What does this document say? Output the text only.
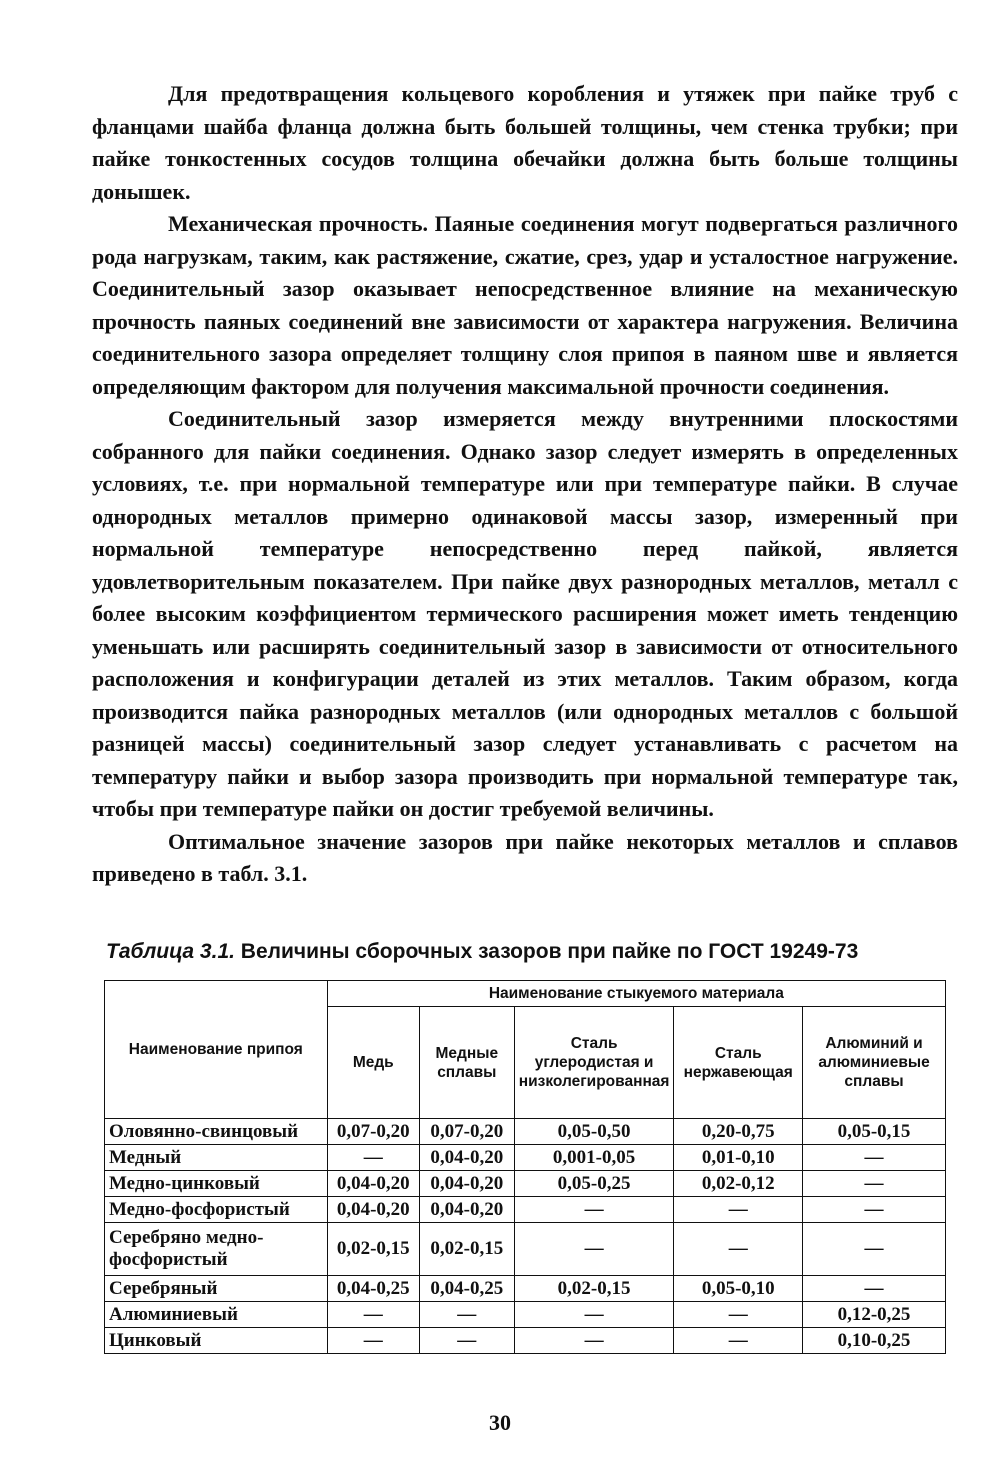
Для предотвращения кольцевого коробления и утяжек при пайке труб с фланцами шайба фланца должна быть большей толщины, чем стенка трубки; при пайке тонкостенных сосудов толщина обечайки должна быть больше толщины донышек.

Механическая прочность. Паяные соединения могут подвергаться различного рода нагрузкам, таким, как растяжение, сжатие, срез, удар и усталостное нагружение. Соединительный зазор оказывает непосредственное влияние на механическую прочность паяных соединений вне зависимости от характера нагружения. Величина соединительного зазора определяет толщину слоя припоя в паяном шве и является определяющим фактором для получения максимальной прочности соединения.

Соединительный зазор измеряется между внутренними плоскостями собранного для пайки соединения. Однако зазор следует измерять в определенных условиях, т.е. при нормальной температуре или при температуре пайки. В случае однородных металлов примерно одинаковой массы зазор, измеренный при нормальной температуре непосредственно перед пайкой, является удовлетворительным показателем. При пайке двух разнородных металлов, металл с более высоким коэффициентом термического расширения может иметь тенденцию уменьшать или расширять соединительный зазор в зависимости от относительного расположения и конфигурации деталей из этих металлов. Таким образом, когда производится пайка разнородных металлов (или однородных металлов с большой разницей массы) соединительный зазор следует устанавливать с расчетом на температуру пайки и выбор зазора производить при нормальной температуре так, чтобы при температуре пайки он достиг требуемой величины.

Оптимальное значение зазоров при пайке некоторых металлов и сплавов приведено в табл. 3.1.

Таблица 3.1. Величины сборочных зазоров при пайке по ГОСТ 19249-73
Наименование припоя	Наименование стыкуемого материала				
	Медь	Медные сплавы	Сталь углеродистая и низколегированная	Сталь нержавеющая	Алюминий и алюминиевые сплавы
Оловянно-свинцовый	0,07-0,20	0,07-0,20	0,05-0,50	0,20-0,75	0,05-0,15
Медный	—	0,04-0,20	0,001-0,05	0,01-0,10	—
Медно-цинковый	0,04-0,20	0,04-0,20	0,05-0,25	0,02-0,12	—
Медно-фосфористый	0,04-0,20	0,04-0,20	—	—	—
Серебряно медно-фосфористый	0,02-0,15	0,02-0,15	—	—	—
Серебряный	0,04-0,25	0,04-0,25	0,02-0,15	0,05-0,10	—
Алюминиевый	—	—	—	—	0,12-0,25
Цинковый	—	—	—	—	0,10-0,25
30
